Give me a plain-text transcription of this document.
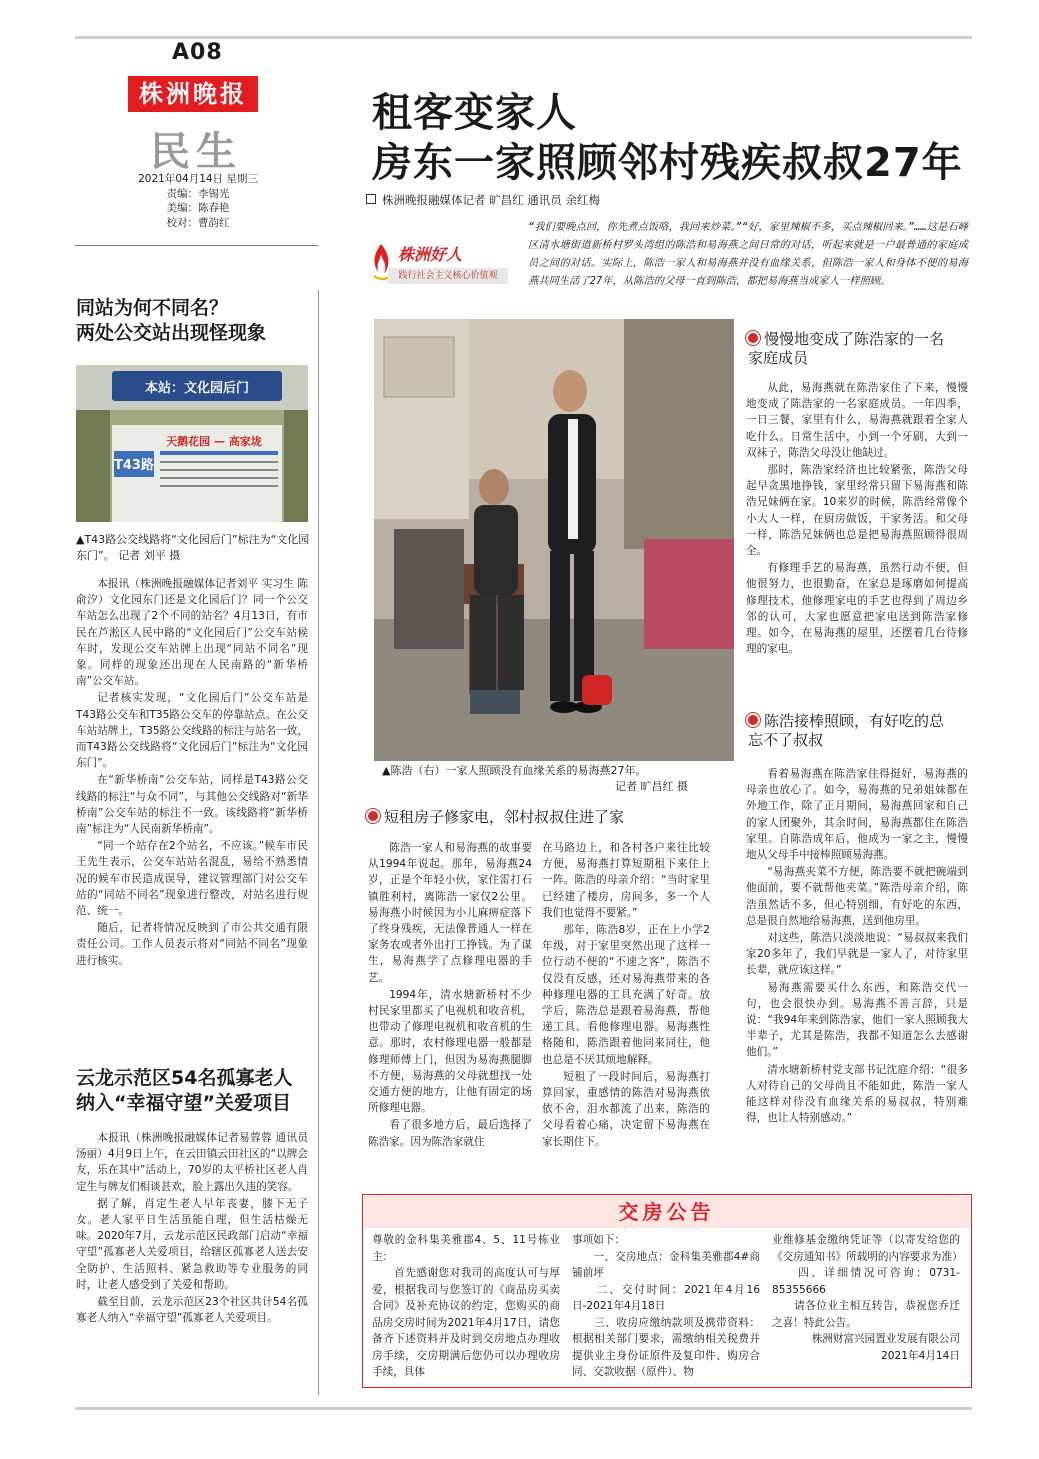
A08
株洲晚报
民生
2021年04月14日 星期三
责编：李锡光
美编：陈春艳
校对：曹韵红
租客变家人
房东一家照顾邻村残疾叔叔27年
株洲晚报融媒体记者 旷昌红 通讯员 余红梅
株洲好人
践行社会主义核心价值观
“我们要晚点回，你先煮点饭咯，我回来炒菜。”“好，家里辣椒不多，买点辣椒回来。”……这是石峰区清水塘街道新桥村罗头湾组的陈浩和易海燕之间日常的对话，听起来就是一户最普通的家庭成员之间的对话。实际上，陈浩一家人和易海燕并没有血缘关系，但陈浩一家人和身体不便的易海燕共同生活了27年，从陈浩的父母一直到陈浩，都把易海燕当成家人一样照顾。
▲陈浩（右）一家人照顾没有血缘关系的易海燕27年。
记者 旷昌红 摄
短租房子修家电，邻村叔叔住进了家

陈浩一家人和易海燕的故事要从1994年说起。那年，易海燕24岁，正是个年轻小伙，家住雷打石镇胜利村，离陈浩一家仅2公里。易海燕小时候因为小儿麻痹症落下了终身残疾，无法像普通人一样在家务农或者外出打工挣钱。为了谋生，易海燕学了点修理电器的手艺。

1994年，清水塘新桥村不少村民家里都买了电视机和收音机，也带动了修理电视机和收音机的生意。那时，农村修理电器一般都是修理师傅上门，但因为易海燕腿脚不方便，易海燕的父母就想找一处交通方便的地方，让他有固定的场所修理电器。

看了很多地方后，最后选择了陈浩家。因为陈浩家就住

在马路边上，和各村各户来往比较方便，易海燕打算短期租下来住上一阵。陈浩的母亲介绍：“当时家里已经建了楼房，房间多，多一个人我们也觉得不要紧。”

那年，陈浩8岁，正在上小学2年级，对于家里突然出现了这样一位行动不便的“不速之客”，陈浩不仅没有反感，还对易海燕带来的各种修理电器的工具充满了好奇。放学后，陈浩总是跟着易海燕，帮他递工具、看他修理电器。易海燕性格随和，陈浩跟着他同来同往，他也总是不厌其烦地解释。

短租了一段时间后，易海燕打算回家，重感情的陈浩对易海燕依依不舍，泪水都流了出来，陈浩的父母看着心痛，决定留下易海燕在家长期住下。

慢慢地变成了陈浩家的一名家庭成员

从此，易海燕就在陈浩家住了下来，慢慢地变成了陈浩家的一名家庭成员。一年四季，一日三餐，家里有什么，易海燕就跟着全家人吃什么。日常生活中，小到一个牙刷，大到一双袜子，陈浩父母没让他缺过。

那时，陈浩家经济也比较紧张，陈浩父母起早贪黑地挣钱，家里经常只留下易海燕和陈浩兄妹俩在家。10来岁的时候，陈浩经常像个小大人一样，在厨房做饭，干家务活。和父母一样，陈浩兄妹俩也总是把易海燕照顾得很周全。

有修理手艺的易海燕，虽然行动不便，但他很努力，也很勤奋，在家总是琢磨如何提高修理技术，他修理家电的手艺也得到了周边乡邻的认可，大家也愿意把家电送到陈浩家修理。如今，在易海燕的屋里，还摆着几台待修理的家电。

陈浩接棒照顾，有好吃的总忘不了叔叔

看着易海燕在陈浩家住得挺好，易海燕的母亲也放心了。如今，易海燕的兄弟姐妹都在外地工作，除了正月期间，易海燕回家和自己的家人团聚外，其余时间，易海燕都住在陈浩家里。自陈浩成年后，他成为一家之主，慢慢地从父母手中接棒照顾易海燕。

“易海燕夹菜不方便，陈浩要不就把碗端到他面前，要不就帮他夹菜。”陈浩母亲介绍，陈浩虽然话不多，但心特别细，有好吃的东西，总是很自然地给易海燕，送到他房里。

对这些，陈浩只淡淡地说：“易叔叔来我们家20多年了，我们早就是一家人了，对待家里长辈，就应该这样。”

易海燕需要买什么东西，和陈浩交代一句，也会很快办到。易海燕不善言辞，只是说：“我94年来到陈浩家，他们一家人照顾我大半辈子，尤其是陈浩，我都不知道怎么去感谢他们。”

清水塘新桥村党支部书记沈庭介绍：“很多人对待自己的父母尚且不能如此，陈浩一家人能这样对待没有血缘关系的易叔叔，特别难得，也让人特别感动。”

同站为何不同名？
两处公交站出现怪现象
本站：文化园后门
T43路
天鹅花园 — 高家垅
▲T43路公交线路将“文化园后门”标注为“文化园东门”。 记者 刘平 摄

本报讯（株洲晚报融媒体记者刘平 实习生 陈俞汐）文化园东门还是文化园后门？同一个公交车站怎么出现了2个不同的站名？4月13日，有市民在芦淞区人民中路的“文化园后门”公交车站候车时，发现公交车站牌上出现“同站不同名”现象。同样的现象还出现在人民南路的“新华桥南”公交车站。

记者核实发现，“文化园后门”公交车站是T43路公交车和T35路公交车的停靠站点。在公交车站站牌上，T35路公交线路的标注与站名一致，而T43路公交线路将“文化园后门”标注为“文化园东门”。

在“新华桥南”公交车站，同样是T43路公交线路的标注“与众不同”，与其他公交线路对“新华桥南”公交车站的标注不一致。该线路将“新华桥南”标注为“人民南新华桥南”。

“同一个站存在2个站名，不应该。”候车市民王先生表示，公交车站站名混乱，易给不熟悉情况的候车市民造成误导，建议管理部门对公交车站的“同站不同名”现象进行整改，对站名进行规范、统一。

随后，记者将情况反映到了市公共交通有限责任公司。工作人员表示将对“同站不同名”现象进行核实。

云龙示范区54名孤寡老人
纳入“幸福守望”关爱项目

本报讯（株洲晚报融媒体记者易蓉蓉 通讯员 汤丽）4月9日上午，在云田镇云田社区的“以牌会友，乐在其中”活动上，70岁的太平桥社区老人肖定生与牌友们相谈甚欢，脸上露出久违的笑容。

据了解，肖定生老人早年丧妻，膝下无子女。老人家平日生活虽能自理，但生活枯燥无味。2020年7月，云龙示范区民政部门启动“幸福守望”孤寡老人关爱项目，给辖区孤寡老人送去安全防护、生活照料、紧急救助等专业服务的同时，让老人感受到了关爱和帮助。

截至目前，云龙示范区23个社区共计54名孤寡老人纳入“幸福守望”孤寡老人关爱项目。

交房公告

尊敬的金科集美雅郡4、5、11号栋业主：

　　首先感谢您对我司的高度认可与厚爱，根据我司与您签订的《商品房买卖合同》及补充协议的约定，您购买的商品房交房时间为2021年4月17日，请您备齐下述资料并及时到交房地点办理收房手续，交房期满后您仍可以办理收房手续，具体

事项如下：

　　一、交房地点：金科集美雅郡4#商铺前坪

　　二、交付时间：2021年4月16日-2021年4月18日

　　三、收房应缴纳款项及携带资料：根据相关部门要求，需缴纳相关税费并提供业主身份证原件及复印件、购房合同、交款收据（原件）、物

业维修基金缴纳凭证等（以寄发给您的《交房通知书》所载明的内容要求为准）

　　四、详细情况可咨询：0731-85355666

　　请各位业主相互转告，恭祝您乔迁之喜！特此公告。

株洲财富兴园置业发展有限公司

2021年4月14日
